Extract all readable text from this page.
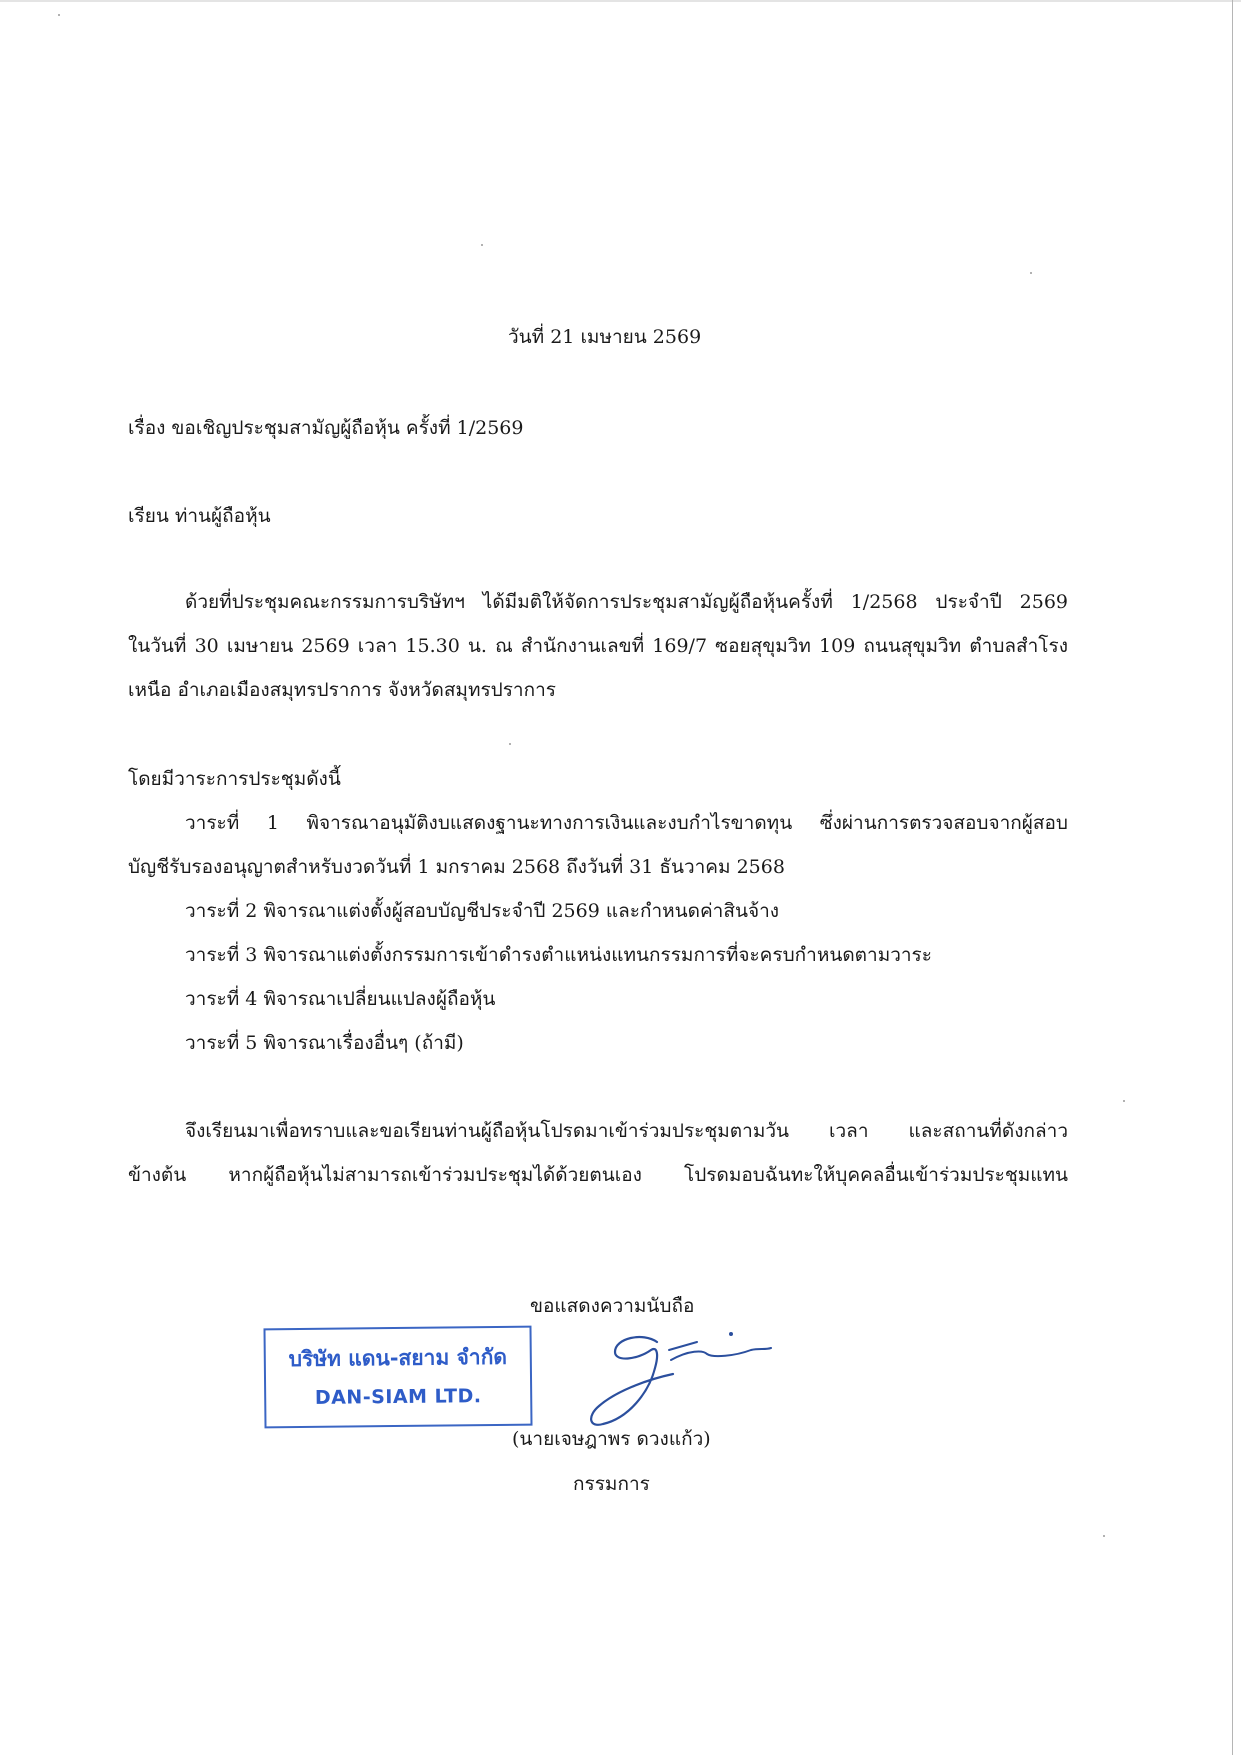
วันที่ 21 เมษายน 2569
เรื่อง ขอเชิญประชุมสามัญผู้ถือหุ้น ครั้งที่ 1/2569
เรียน ท่านผู้ถือหุ้น
ด้วยที่ประชุมคณะกรรมการบริษัทฯ ได้มีมติให้จัดการประชุมสามัญผู้ถือหุ้นครั้งที่ 1/2568 ประจำปี 2569
ในวันที่ 30 เมษายน 2569 เวลา 15.30 น. ณ สำนักงานเลขที่ 169/7 ซอยสุขุมวิท 109 ถนนสุขุมวิท ตำบลสำโรง
เหนือ อำเภอเมืองสมุทรปราการ จังหวัดสมุทรปราการ
โดยมีวาระการประชุมดังนี้
วาระที่ 1 พิจารณาอนุมัติงบแสดงฐานะทางการเงินและงบกำไรขาดทุน ซึ่งผ่านการตรวจสอบจากผู้สอบ
บัญชีรับรองอนุญาตสำหรับงวดวันที่ 1 มกราคม 2568 ถึงวันที่ 31 ธันวาคม 2568
วาระที่ 2 พิจารณาแต่งตั้งผู้สอบบัญชีประจำปี 2569 และกำหนดค่าสินจ้าง
วาระที่ 3 พิจารณาแต่งตั้งกรรมการเข้าดำรงตำแหน่งแทนกรรมการที่จะครบกำหนดตามวาระ
วาระที่ 4 พิจารณาเปลี่ยนแปลงผู้ถือหุ้น
วาระที่ 5 พิจารณาเรื่องอื่นๆ (ถ้ามี)
จึงเรียนมาเพื่อทราบและขอเรียนท่านผู้ถือหุ้นโปรดมาเข้าร่วมประชุมตามวัน เวลา และสถานที่ดังกล่าว
ข้างต้น หากผู้ถือหุ้นไม่สามารถเข้าร่วมประชุมได้ด้วยตนเอง โปรดมอบฉันทะให้บุคคลอื่นเข้าร่วมประชุมแทน
ขอแสดงความนับถือ
บริษัท แดน-สยาม จำกัด
DAN-SIAM LTD.
(นายเจษฎาพร ดวงแก้ว)
กรรมการ
